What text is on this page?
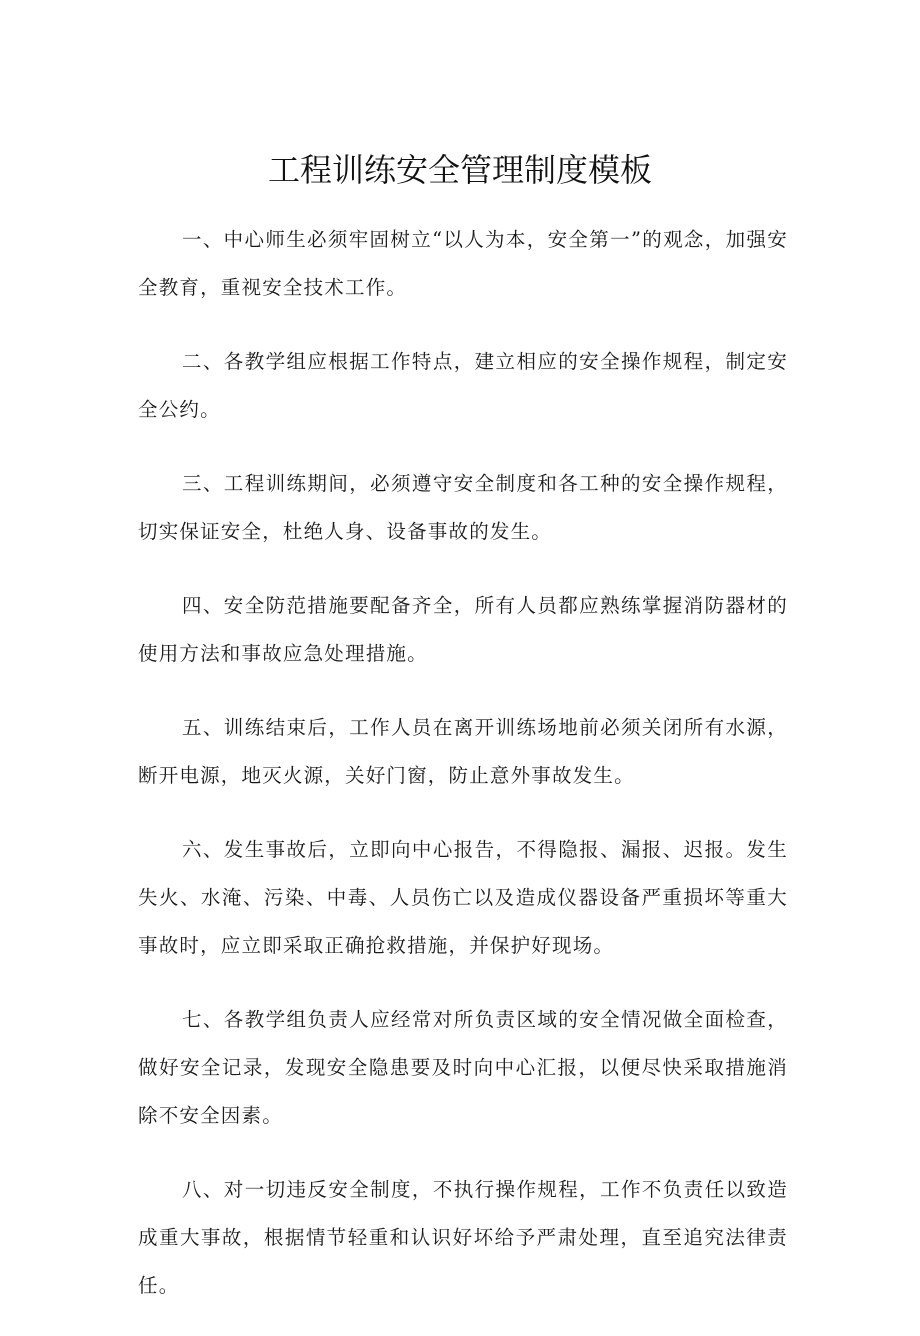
工程训练安全管理制度模板

一、中心师生必须牢固树立“以人为本，安全第一”的观念，加强安全教育，重视安全技术工作。

二、各教学组应根据工作特点，建立相应的安全操作规程，制定安全公约。

三、工程训练期间，必须遵守安全制度和各工种的安全操作规程，切实保证安全，杜绝人身、设备事故的发生。

四、安全防范措施要配备齐全，所有人员都应熟练掌握消防器材的使用方法和事故应急处理措施。

五、训练结束后，工作人员在离开训练场地前必须关闭所有水源，断开电源，地灭火源，关好门窗，防止意外事故发生。

六、发生事故后，立即向中心报告，不得隐报、漏报、迟报。发生失火、水淹、污染、中毒、人员伤亡以及造成仪器设备严重损坏等重大事故时，应立即采取正确抢救措施，并保护好现场。

七、各教学组负责人应经常对所负责区域的安全情况做全面检查，做好安全记录，发现安全隐患要及时向中心汇报，以便尽快采取措施消除不安全因素。

八、对一切违反安全制度，不执行操作规程，工作不负责任以致造成重大事故，根据情节轻重和认识好坏给予严肃处理，直至追究法律责任。
